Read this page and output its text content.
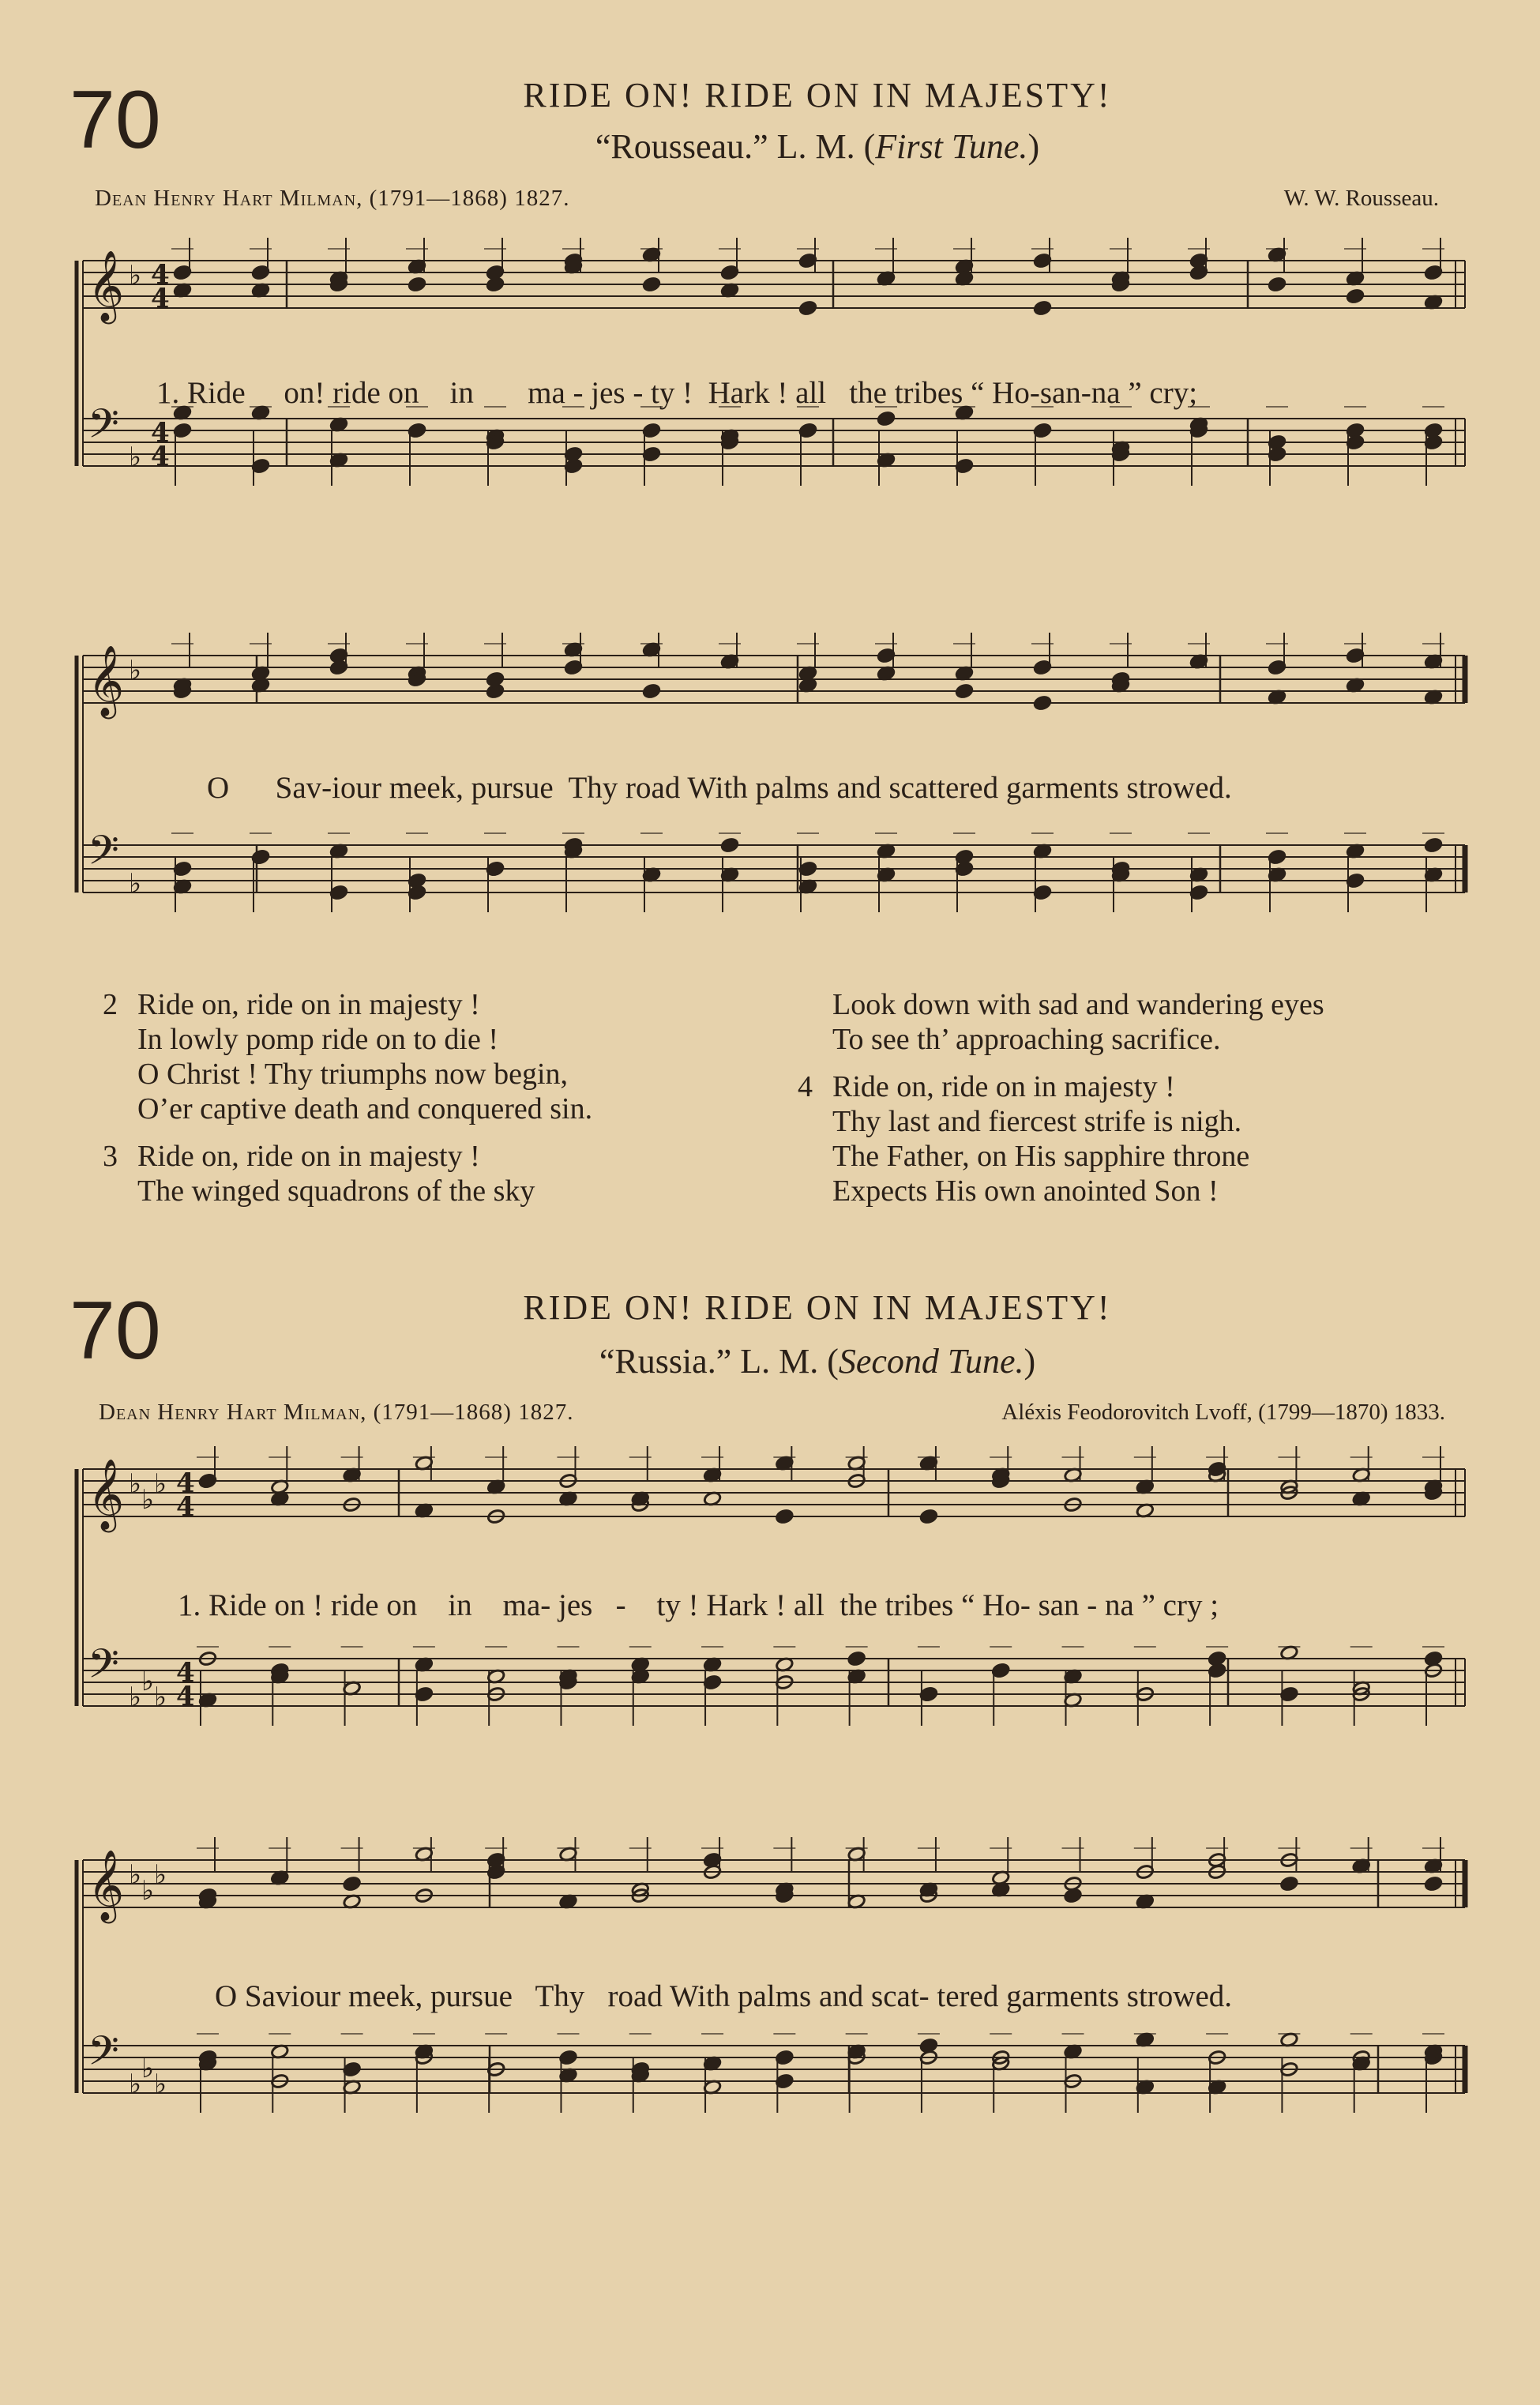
70	RIDE ON! RIDE ON IN MAJESTY!
“Rousseau.” L. M. (First Tune.)
Dean Henry Hart Milman, (1791—1868) 1827.	W. W. Rousseau.
𝄞 ♭ 4
4
𝄢 ♭
4
4
1. Ride     on! ride on    in       ma - jes - ty !  Hark ! all   the tribes “ Ho-san-na ” cry;
𝄞 ♭
𝄢 ♭
O      Sav-iour meek, pursue  Thy road With palms and scattered garments strowed.
2 Ride on, ride on in majesty !
In lowly pomp ride on to die !
O Christ ! Thy triumphs now begin,
O’er captive death and conquered sin.
3 Ride on, ride on in majesty !
The winged squadrons of the sky
Look down with sad and wandering eyes
To see th’ approaching sacrifice.
4 Ride on, ride on in majesty !
Thy last and fiercest strife is nigh.
The Father, on His sapphire throne
Expects His own anointed Son !
70	RIDE ON! RIDE ON IN MAJESTY!
“Russia.” L. M. (Second Tune.)
Dean Henry Hart Milman, (1791—1868) 1827.	Aléxis Feodorovitch Lvoff, (1799—1870) 1833.
𝄞 ♭ ♭ ♭ 4
4
𝄢 ♭ ♭ ♭
4
4
1. Ride on ! ride on    in    ma- jes   -    ty ! Hark ! all  the tribes “ Ho- san - na ” cry ;
𝄞 ♭ ♭ ♭
𝄢 ♭ ♭ ♭
O Saviour meek, pursue   Thy   road With palms and scat- tered garments strowed.
